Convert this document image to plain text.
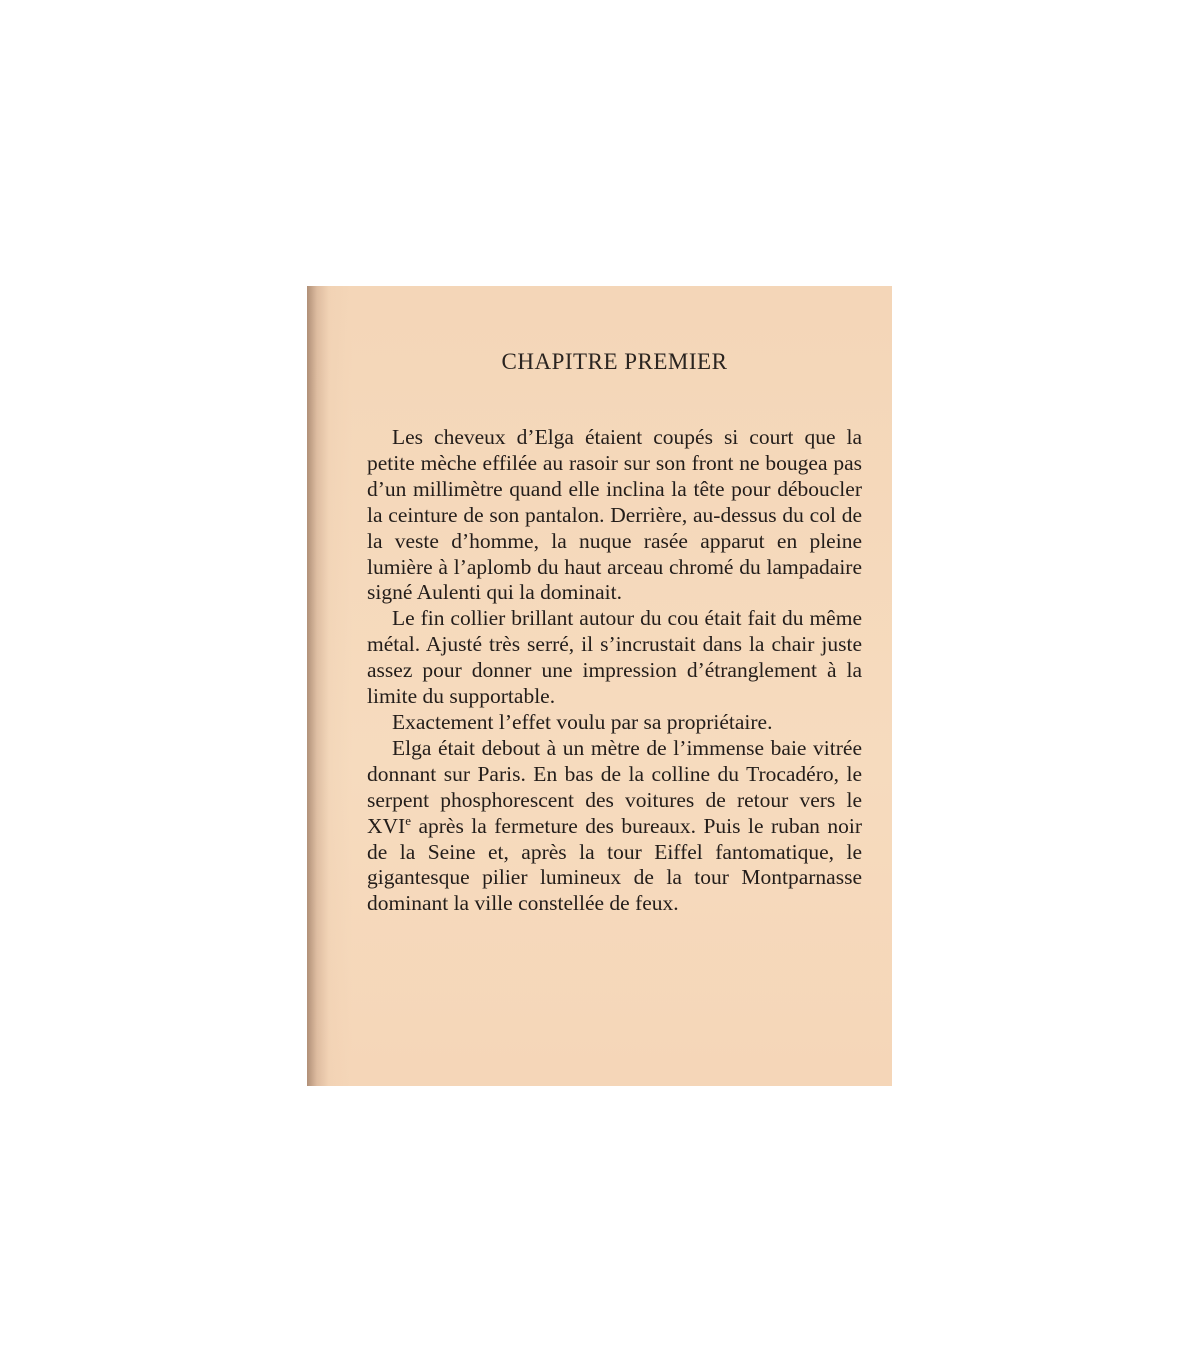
CHAPITRE PREMIER

Les cheveux d’Elga étaient coupés si court que la petite mèche effilée au rasoir sur son front ne bougea pas d’un millimètre quand elle inclina la tête pour déboucler la ceinture de son pantalon. Derrière, au-dessus du col de la veste d’homme, la nuque rasée apparut en pleine lumière à l’aplomb du haut arceau chromé du lampadaire signé Aulenti qui la dominait.

Le fin collier brillant autour du cou était fait du même métal. Ajusté très serré, il s’incrustait dans la chair juste assez pour donner une impression d’étranglement à la limite du supportable.

Exactement l’effet voulu par sa propriétaire.

Elga était debout à un mètre de l’immense baie vitrée donnant sur Paris. En bas de la colline du Trocadéro, le serpent phosphorescent des voitures de retour vers le XVIe après la fermeture des bureaux. Puis le ruban noir de la Seine et, après la tour Eiffel fantomatique, le gigantesque pilier lumineux de la tour Montparnasse dominant la ville constellée de feux.
